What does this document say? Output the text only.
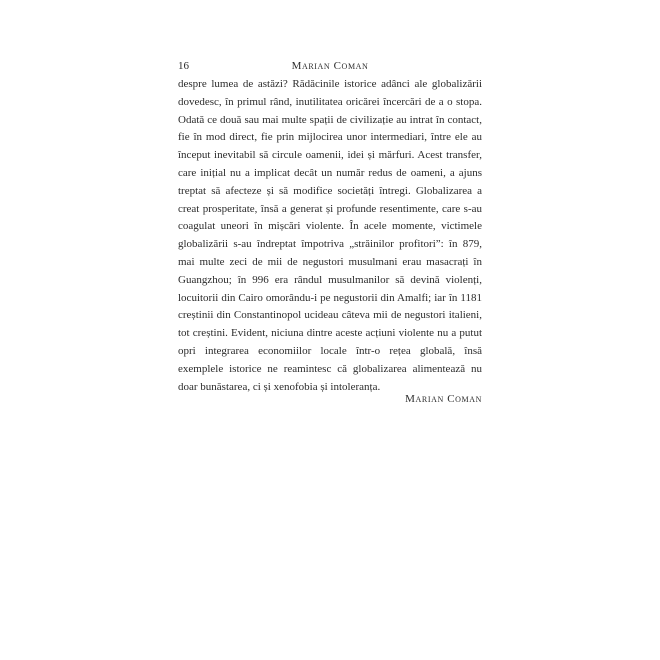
16	Marian Coman

despre lumea de astăzi? Rădăcinile istorice adânci ale globalizării dovedesc, în primul rând, inutilitatea oricărei încercări de a o stopa. Odată ce două sau mai multe spații de civilizație au intrat în contact, fie în mod direct, fie prin mijlocirea unor intermediari, între ele au început inevitabil să circule oamenii, idei și mărfuri. Acest transfer, care inițial nu a implicat decât un număr redus de oameni, a ajuns treptat să afecteze și să modifice societăți întregi. Globalizarea a creat prosperitate, însă a generat și profunde resentimente, care s-au coagulat uneori în mișcări violente. În acele momente, victimele globalizării s-au îndreptat împotriva „străinilor profitori”: în 879, mai multe zeci de mii de negustori musulmani erau masacrați în Guangzhou; în 996 era rândul musulmanilor să devină violenți, locuitorii din Cairo omorându-i pe negustorii din Amalfi; iar în 1181 creștinii din Constantinopol ucideau câteva mii de negustori italieni, tot creștini. Evident, niciuna dintre aceste acțiuni violente nu a putut opri integrarea economiilor locale într-o rețea globală, însă exemplele istorice ne reamintesc că globalizarea alimentează nu doar bunăstarea, ci și xenofobia și intoleranța.

Marian Coman
